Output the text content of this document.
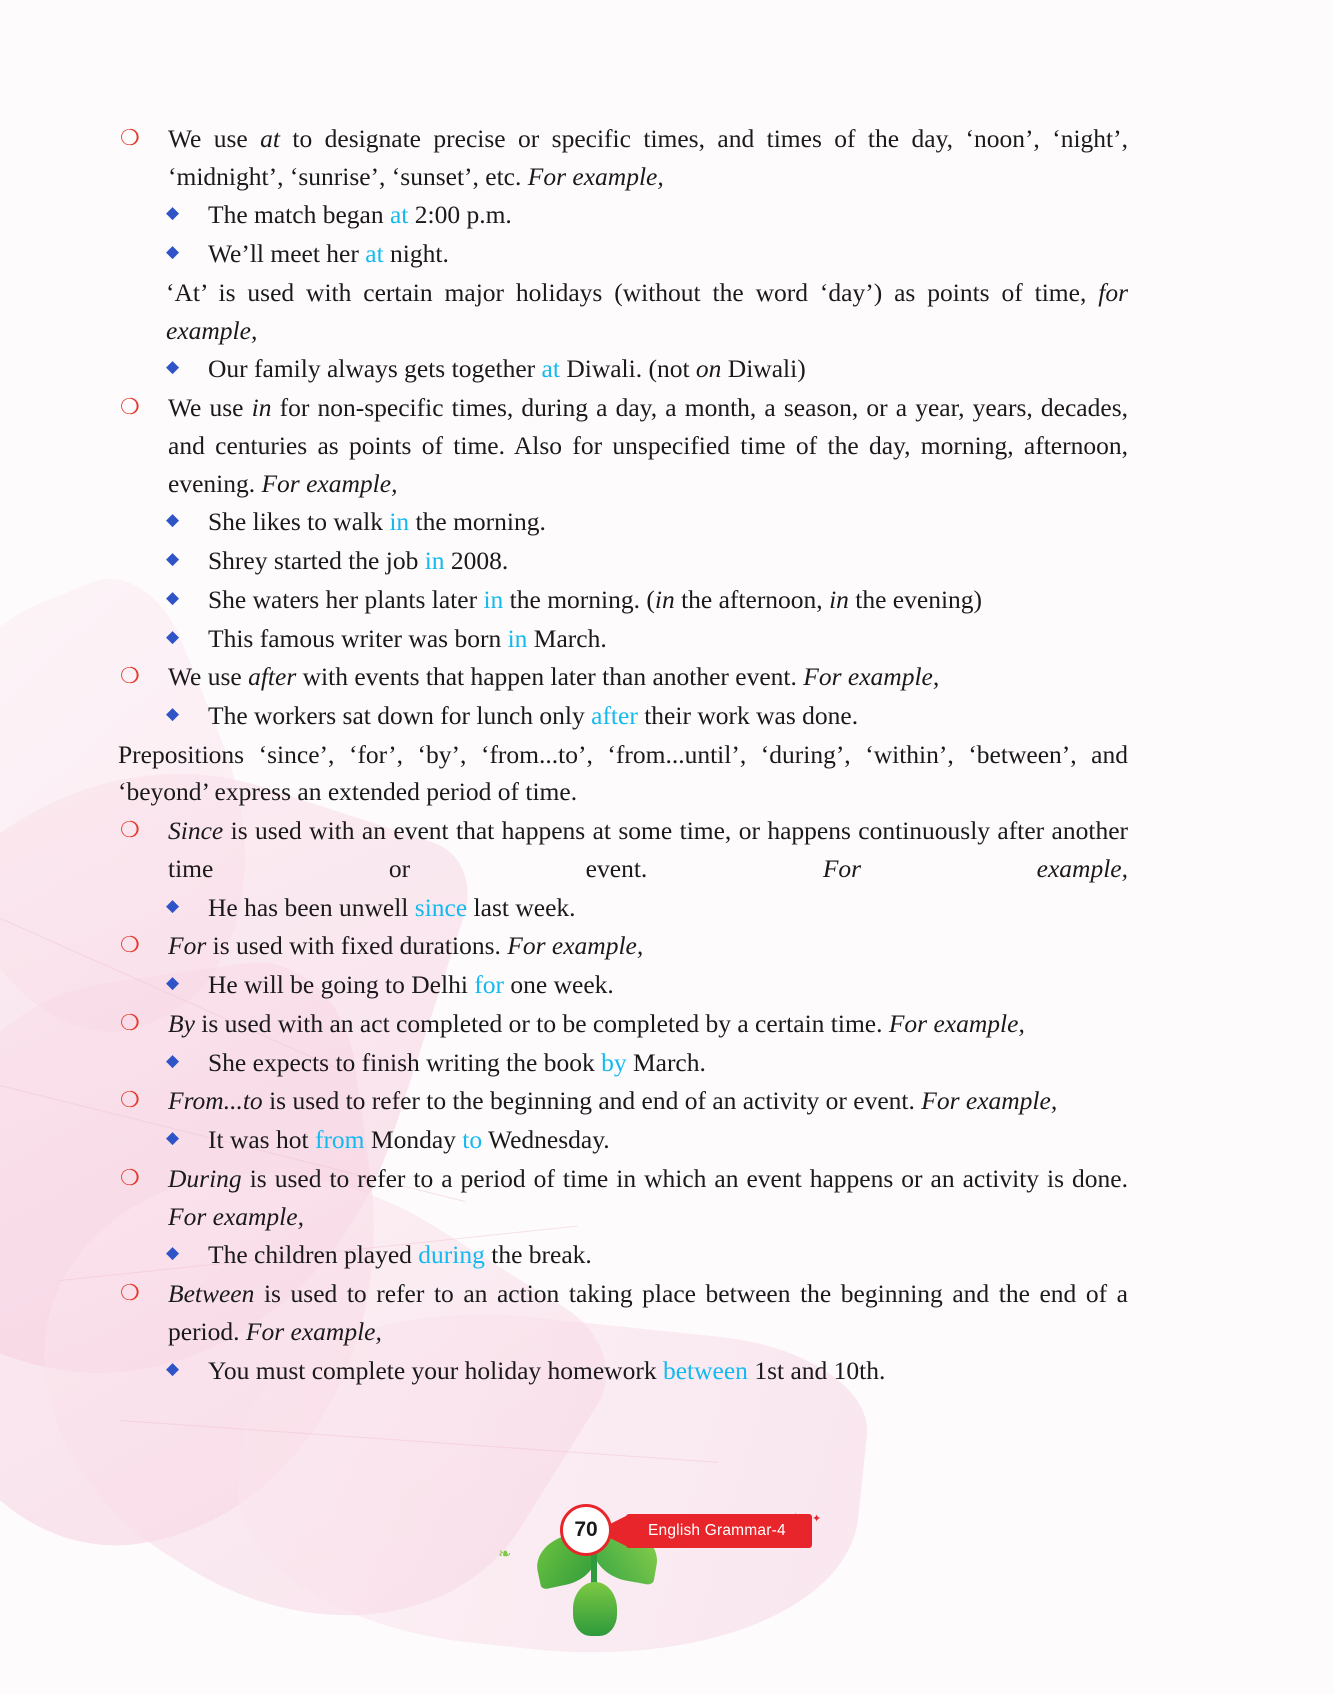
❍	We use at to designate precise or specific times, and times of the day, ‘noon’, ‘night’, ‘midnight’, ‘sunrise’, ‘sunset’, etc. For example,
◆	The match began at 2:00 p.m.
◆	We’ll meet her at night.
‘At’ is used with certain major holidays (without the word ‘day’) as points of time, for example,
◆	Our family always gets together at Diwali. (not on Diwali)
❍	We use in for non-specific times, during a day, a month, a season, or a year, years, decades, and centuries as points of time. Also for unspecified time of the day, morning, afternoon, evening. For example,
◆	She likes to walk in the morning.
◆	Shrey started the job in 2008.
◆	She waters her plants later in the morning. (in the afternoon, in the evening)
◆	This famous writer was born in March.
❍	We use after with events that happen later than another event. For example,
◆	The workers sat down for lunch only after their work was done.
Prepositions ‘since’, ‘for’, ‘by’, ‘from...to’, ‘from...until’, ‘during’, ‘within’, ‘between’, and ‘beyond’ express an extended period of time.
❍	Since is used with an event that happens at some time, or happens continuously after another time or event. For example,
◆	He has been unwell since last week.
❍	For is used with fixed durations. For example,
◆	He will be going to Delhi for one week.
❍	By is used with an act completed or to be completed by a certain time. For example,
◆	She expects to finish writing the book by March.
❍	From...to is used to refer to the beginning and end of an activity or event. For example,
◆	It was hot from Monday to Wednesday.
❍	During is used to refer to a period of time in which an event happens or an activity is done. For example,
◆	The children played during the break.
❍	Between is used to refer to an action taking place between the beginning and the end of a period. For example,
◆	You must complete your holiday homework between 1st and 10th.
❧
70	English Grammar-4
✦
✦
✦
